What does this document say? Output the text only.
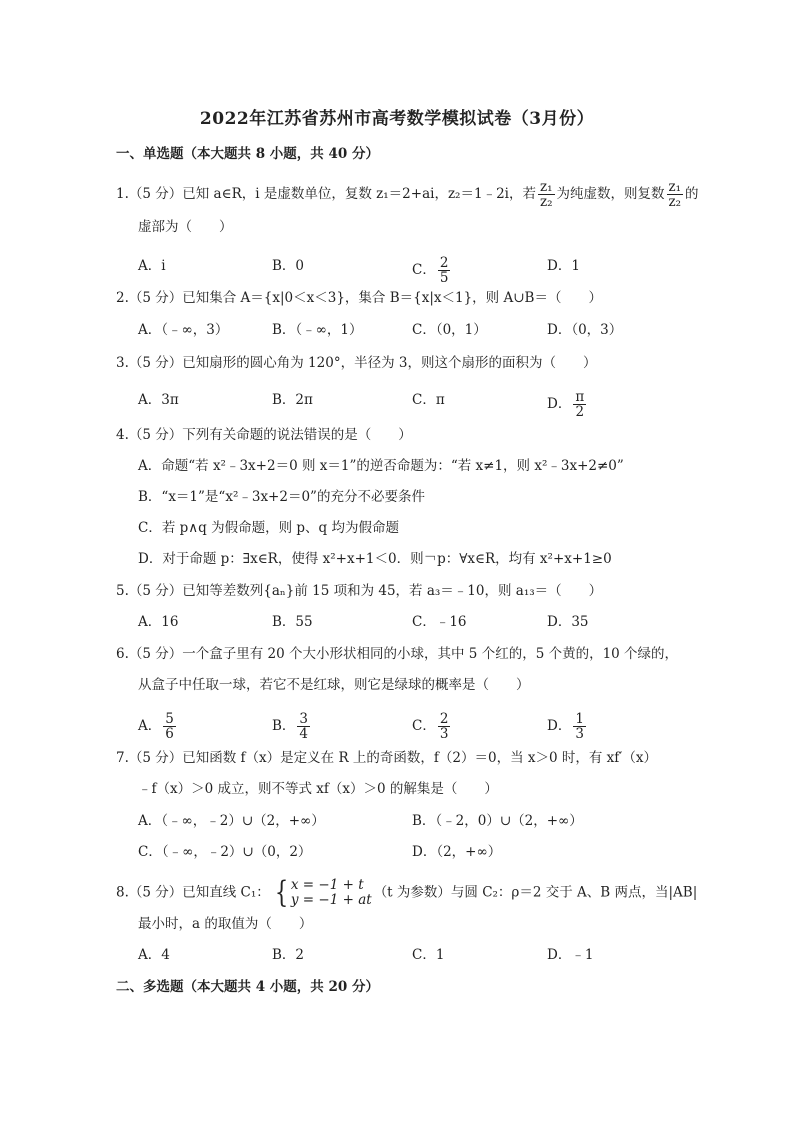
2022年江苏省苏州市高考数学模拟试卷（3月份）
一、单选题（本大题共 8 小题，共 40 分）
1.（5 分）已知 a∈R，i 是虚数单位，复数 z₁＝2+ai，z₂＝1﹣2i，若 $\frac{\text{z₁}}{\text{z₂}}$ 为纯虚数，则复数 $\frac{\text{z₁}}{\text{z₂}}$ 的
虚部为（　　）
A．i	B．0	C． $\frac{2}{5}$	D．1
2.（5 分）已知集合 A＝{x|0＜x＜3}，集合 B＝{x|x＜1}，则 A∪B＝（　　）
A．（﹣∞，3）	B．（﹣∞，1）	C．（0，1）	D．（0，3）
3.（5 分）已知扇形的圆心角为 120°，半径为 3，则这个扇形的面积为（　　）
A．3π	B．2π	C．π	D． $\frac{\pi}{2}$
4.（5 分）下列有关命题的说法错误的是（　　）
A．命题“若 x²﹣3x+2＝0 则 x＝1”的逆否命题为：“若 x≠1，则 x²﹣3x+2≠0”
B．“x＝1”是“x²﹣3x+2＝0”的充分不必要条件
C．若 p∧q 为假命题，则 p、q 均为假命题
D．对于命题 p：∃x∈R，使得 x²+x+1＜0．则￢p：∀x∈R，均有 x²+x+1≥0
5.（5 分）已知等差数列{aₙ}前 15 项和为 45，若 a₃＝﹣10，则 a₁₃＝（　　）
A．16	B．55	C．﹣16	D．35
6.（5 分）一个盒子里有 20 个大小形状相同的小球，其中 5 个红的，5 个黄的，10 个绿的，
从盒子中任取一球，若它不是红球，则它是绿球的概率是（　　）
A． $\frac{5}{6}$	B． $\frac{3}{4}$	C． $\frac{2}{3}$	D． $\frac{1}{3}$
7.（5 分）已知函数 f（x）是定义在 R 上的奇函数，f（2）＝0，当 x＞0 时，有 xf′（x）
﹣f（x）＞0 成立，则不等式 xf（x）＞0 的解集是（　　）
A．（﹣∞，﹣2）∪（2，+∞）	B．（﹣2，0）∪（2，+∞）
C．（﹣∞，﹣2）∪（0，2）	D．（2，+∞）
8.（5 分）已知直线 C₁： { x = −1 + t
y = −1 + at （t 为参数）与圆 C₂：ρ＝2 交于 A、B 两点，当|AB|
最小时，a 的取值为（　　）
A．4	B．2	C．1	D．﹣1
二、多选题（本大题共 4 小题，共 20 分）
